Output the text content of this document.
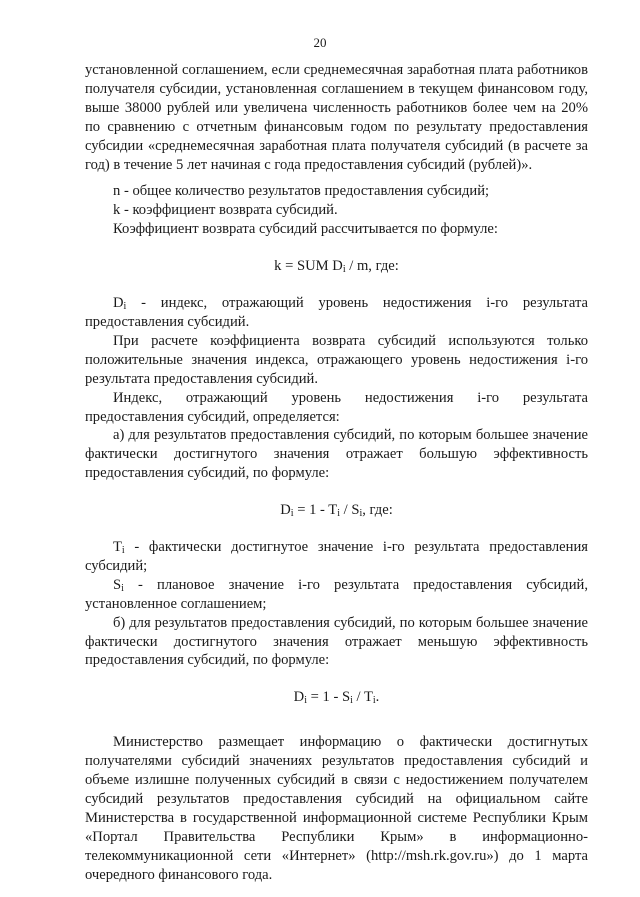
20

установленной соглашением, если среднемесячная заработная плата работников получателя субсидии, установленная соглашением в текущем финансовом году, выше 38000 рублей или увеличена численность работников более чем на 20% по сравнению с отчетным финансовым годом по результату предоставления субсидии «среднемесячная заработная плата получателя субсидий (в расчете за год) в течение 5 лет начиная с года предоставления субсидий (рублей)».

n - общее количество результатов предоставления субсидий;

k - коэффициент возврата субсидий.

Коэффициент возврата субсидий рассчитывается по формуле:

k = SUM $D_i$ / m, где:

$D_i$ - индекс, отражающий уровень недостижения i-го результата предоставления субсидий.

При расчете коэффициента возврата субсидий используются только положительные значения индекса, отражающего уровень недостижения i-го результата предоставления субсидий.

Индекс, отражающий уровень недостижения i-го результата предоставления субсидий, определяется:

а) для результатов предоставления субсидий, по которым большее значение фактически достигнутого значения отражает большую эффективность предоставления субсидий, по формуле:

$D_i = 1 - T_i / S_i$, где:

$T_i$ - фактически достигнутое значение i-го результата предоставления субсидий;

$S_i$ - плановое значение i-го результата предоставления субсидий, установленное соглашением;

б) для результатов предоставления субсидий, по которым большее значение фактически достигнутого значения отражает меньшую эффективность предоставления субсидий, по формуле:

$D_i = 1 - S_i / T_i$.

Министерство размещает информацию о фактически достигнутых получателями субсидий значениях результатов предоставления субсидий и объеме излишне полученных субсидий в связи с недостижением получателем субсидий результатов предоставления субсидий на официальном сайте Министерства в государственной информационной системе Республики Крым «Портал Правительства Республики Крым» в информационно-телекоммуникационной сети «Интернет» (http://msh.rk.gov.ru») до 1 марта очередного финансового года.
